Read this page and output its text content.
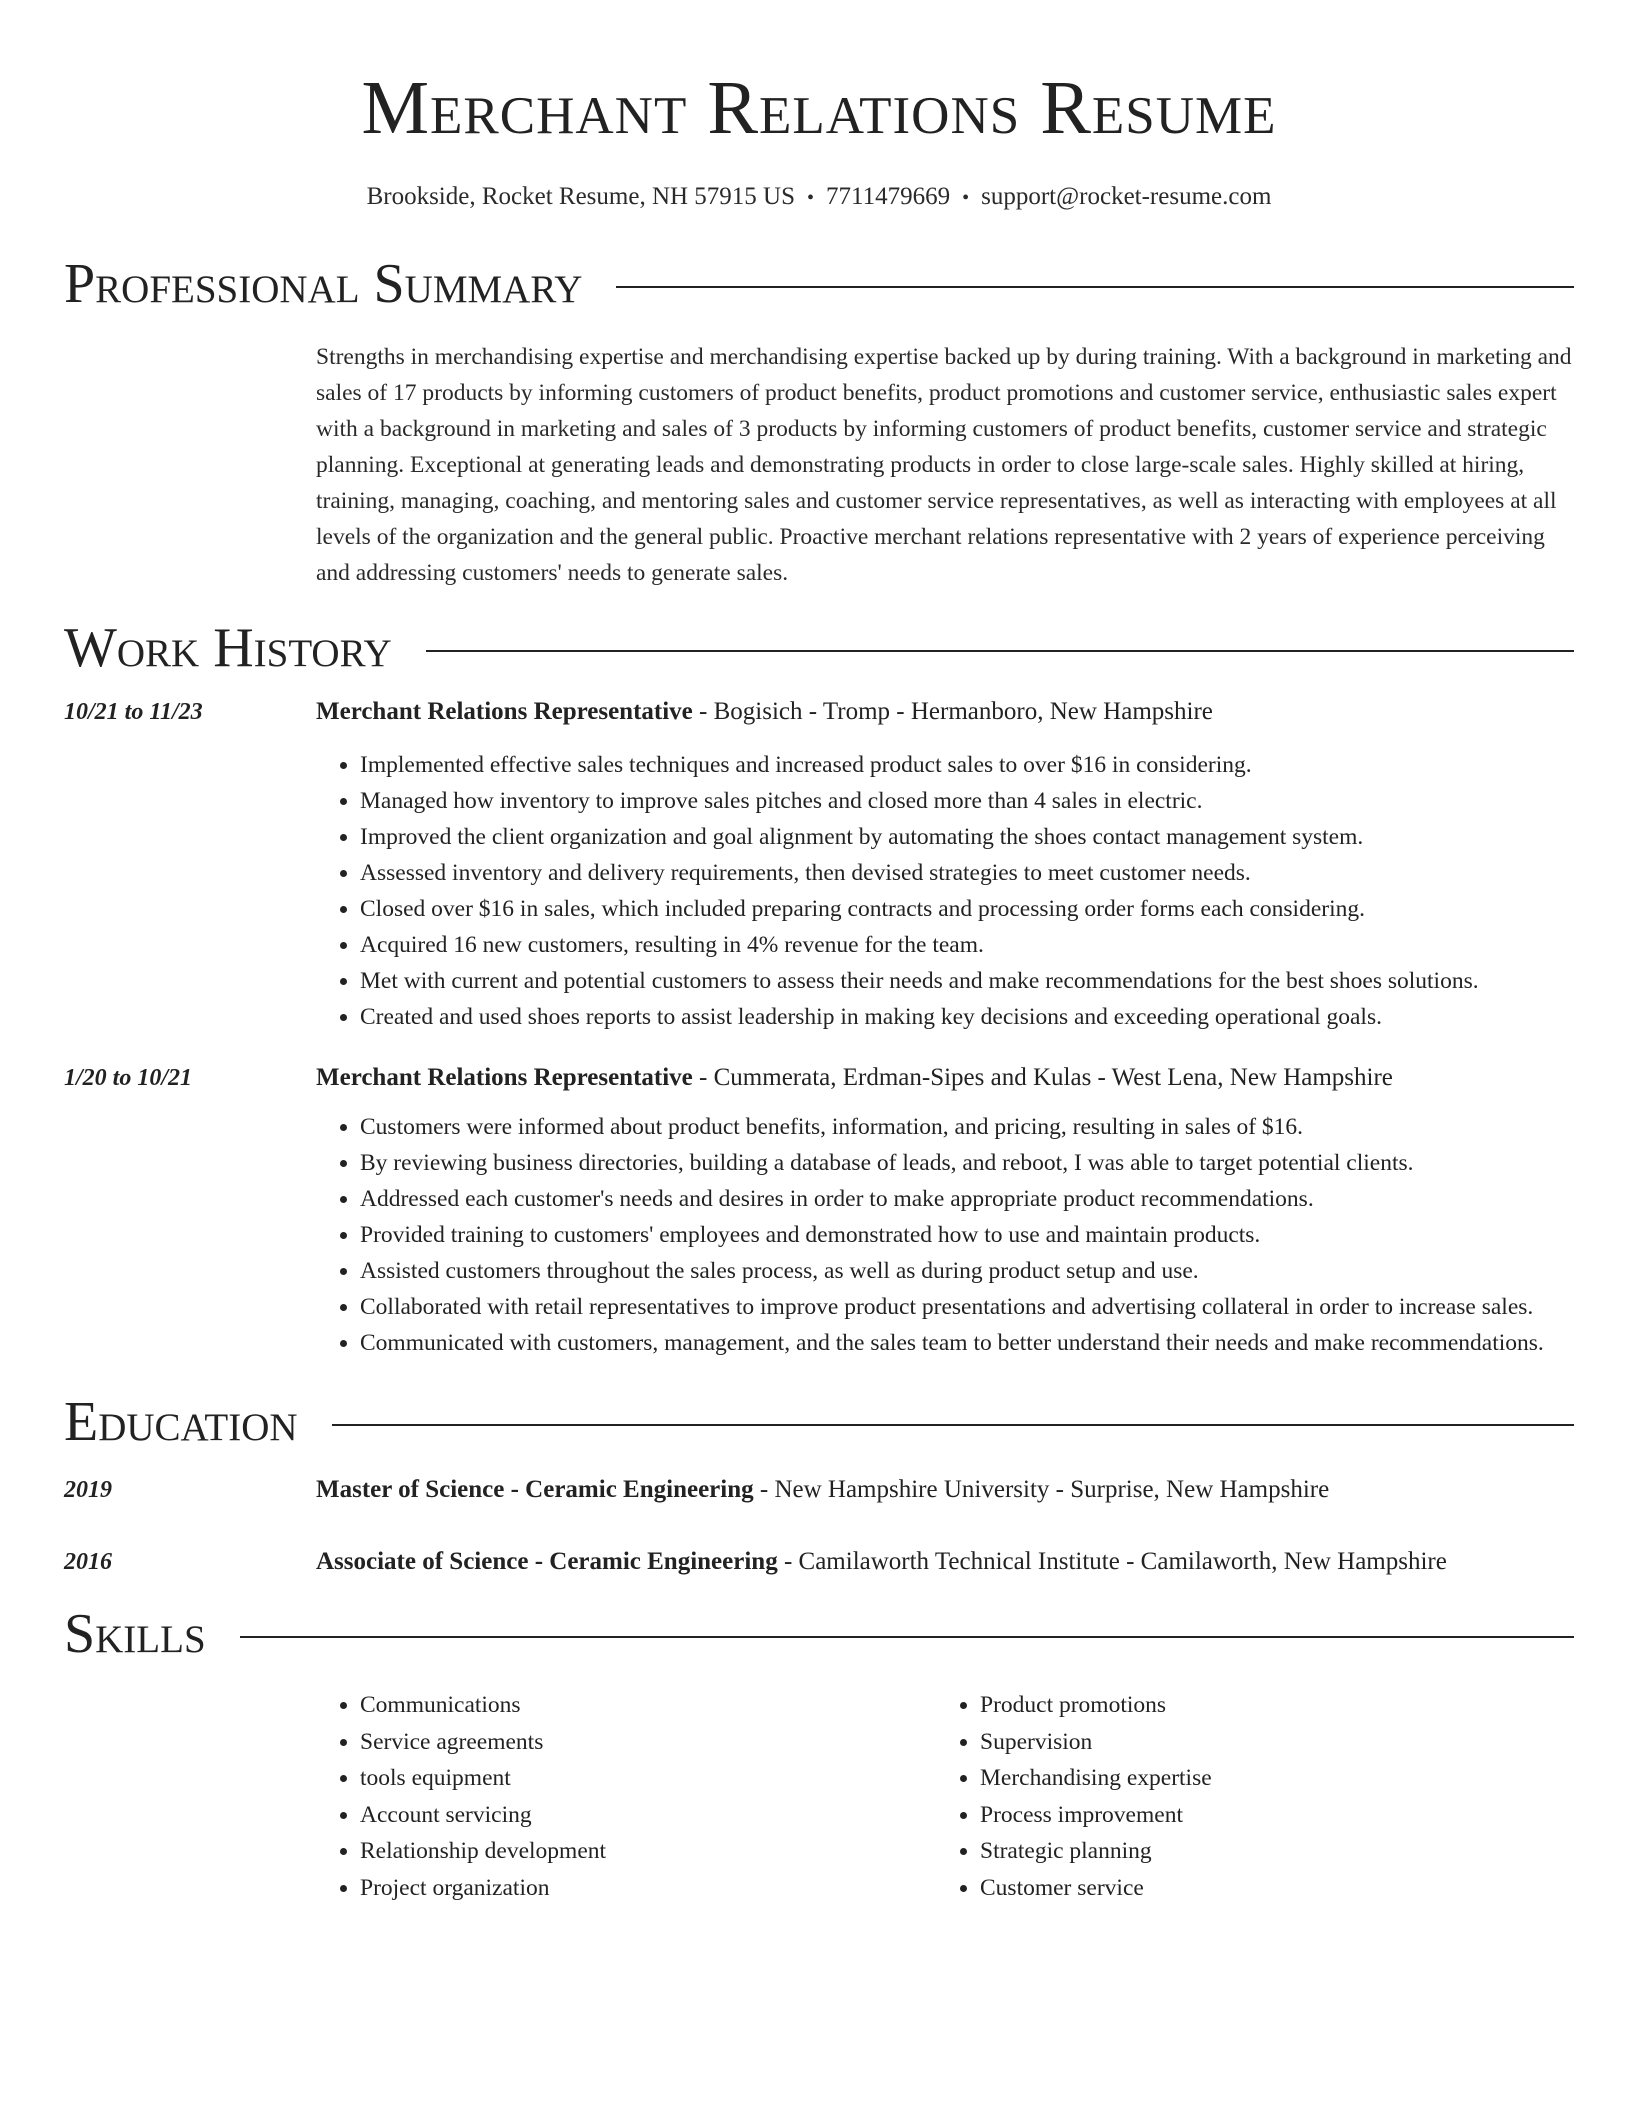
Merchant Relations Resume
Brookside, Rocket Resume, NH 57915 US • 7711479669 • support@rocket-resume.com
Professional Summary
Strengths in merchandising expertise and merchandising expertise backed up by during training. With a background in marketing and sales of 17 products by informing customers of product benefits, product promotions and customer service, enthusiastic sales expert with a background in marketing and sales of 3 products by informing customers of product benefits, customer service and strategic planning. Exceptional at generating leads and demonstrating products in order to close large-scale sales. Highly skilled at hiring, training, managing, coaching, and mentoring sales and customer service representatives, as well as interacting with employees at all levels of the organization and the general public. Proactive merchant relations representative with 2 years of experience perceiving and addressing customers' needs to generate sales.
Work History
10/21 to 11/23	Merchant Relations Representative - Bogisich - Tromp - Hermanboro, New Hampshire
• Implemented effective sales techniques and increased product sales to over $16 in considering.
• Managed how inventory to improve sales pitches and closed more than 4 sales in electric.
• Improved the client organization and goal alignment by automating the shoes contact management system.
• Assessed inventory and delivery requirements, then devised strategies to meet customer needs.
• Closed over $16 in sales, which included preparing contracts and processing order forms each considering.
• Acquired 16 new customers, resulting in 4% revenue for the team.
• Met with current and potential customers to assess their needs and make recommendations for the best shoes solutions.
• Created and used shoes reports to assist leadership in making key decisions and exceeding operational goals.
1/20 to 10/21	Merchant Relations Representative - Cummerata, Erdman-Sipes and Kulas - West Lena, New Hampshire
• Customers were informed about product benefits, information, and pricing, resulting in sales of $16.
• By reviewing business directories, building a database of leads, and reboot, I was able to target potential clients.
• Addressed each customer's needs and desires in order to make appropriate product recommendations.
• Provided training to customers' employees and demonstrated how to use and maintain products.
• Assisted customers throughout the sales process, as well as during product setup and use.
• Collaborated with retail representatives to improve product presentations and advertising collateral in order to increase sales.
• Communicated with customers, management, and the sales team to better understand their needs and make recommendations.
Education
2019	Master of Science - Ceramic Engineering - New Hampshire University - Surprise, New Hampshire
2016	Associate of Science - Ceramic Engineering - Camilaworth Technical Institute - Camilaworth, New Hampshire
Skills
• Communications
• Service agreements
• tools equipment
• Account servicing
• Relationship development
• Project organization
• Product promotions
• Supervision
• Merchandising expertise
• Process improvement
• Strategic planning
• Customer service
